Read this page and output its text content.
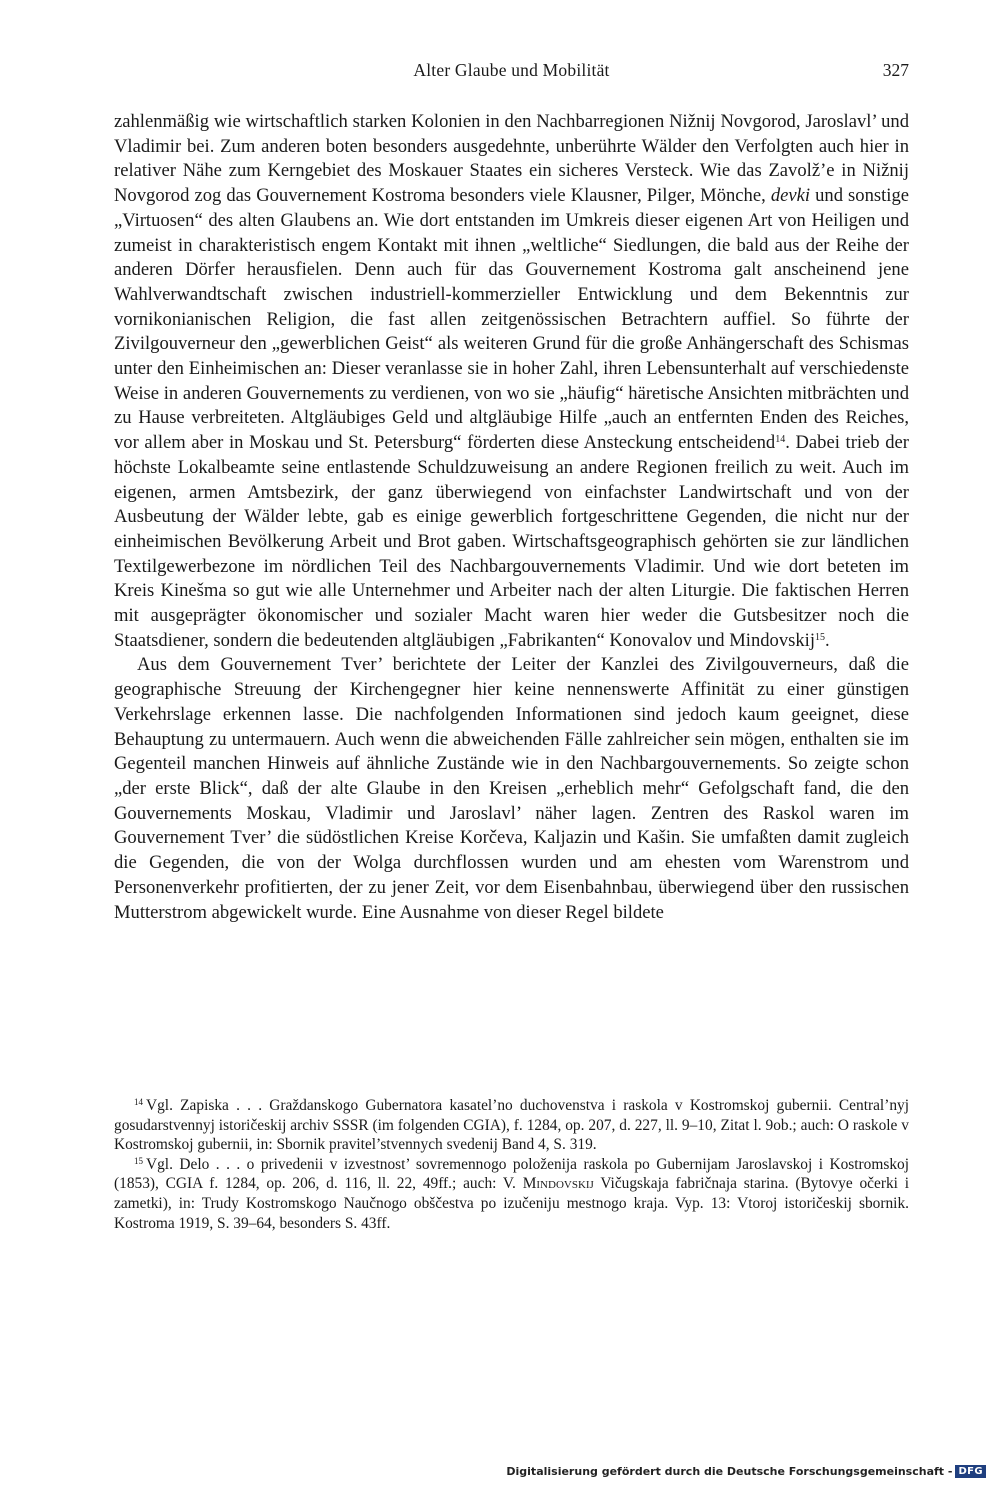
Alter Glaube und Mobilität	327

zahlenmäßig wie wirtschaftlich starken Kolonien in den Nachbarregionen Nižnij Novgorod, Jaroslavl’ und Vladimir bei. Zum anderen boten besonders ausgedehnte, unberührte Wälder den Verfolgten auch hier in relativer Nähe zum Kerngebiet des Moskauer Staates ein sicheres Versteck. Wie das Zavolž’e in Nižnij Novgorod zog das Gouvernement Kostroma besonders viele Klausner, Pilger, Mönche, devki und sonstige „Virtuosen“ des alten Glaubens an. Wie dort entstanden im Umkreis dieser eigenen Art von Heiligen und zumeist in charakteristisch engem Kontakt mit ihnen „weltliche“ Siedlungen, die bald aus der Reihe der anderen Dörfer herausfielen. Denn auch für das Gouvernement Kostroma galt anscheinend jene Wahlverwandtschaft zwischen industriell-kommerzieller Entwicklung und dem Bekenntnis zur vornikonianischen Religion, die fast allen zeitgenössischen Betrachtern auffiel. So führte der Zivilgouverneur den „gewerblichen Geist“ als weiteren Grund für die große Anhängerschaft des Schismas unter den Einheimischen an: Dieser veranlasse sie in hoher Zahl, ihren Lebensunterhalt auf verschiedenste Weise in anderen Gouvernements zu verdienen, von wo sie „häufig“ häretische Ansichten mitbrächten und zu Hause verbreiteten. Altgläubiges Geld und altgläubige Hilfe „auch an entfernten Enden des Reiches, vor allem aber in Moskau und St. Petersburg“ förderten diese Ansteckung entscheidend$^{14}$. Dabei trieb der höchste Lokalbeamte seine entlastende Schuldzuweisung an andere Regionen freilich zu weit. Auch im eigenen, armen Amtsbezirk, der ganz überwiegend von einfachster Landwirtschaft und von der Ausbeutung der Wälder lebte, gab es einige gewerblich fortgeschrittene Gegenden, die nicht nur der einheimischen Bevölkerung Arbeit und Brot gaben. Wirtschaftsgeographisch gehörten sie zur ländlichen Textilgewerbezone im nördlichen Teil des Nachbargouvernements Vladimir. Und wie dort beteten im Kreis Kinešma so gut wie alle Unternehmer und Arbeiter nach der alten Liturgie. Die faktischen Herren mit ausgeprägter ökonomischer und sozialer Macht waren hier weder die Gutsbesitzer noch die Staatsdiener, sondern die bedeutenden altgläubigen „Fabrikanten“ Konovalov und Mindovskij$^{15}$.

Aus dem Gouvernement Tver’ berichtete der Leiter der Kanzlei des Zivilgouverneurs, daß die geographische Streuung der Kirchengegner hier keine nennenswerte Affinität zu einer günstigen Verkehrslage erkennen lasse. Die nachfolgenden Informationen sind jedoch kaum geeignet, diese Behauptung zu untermauern. Auch wenn die abweichenden Fälle zahlreicher sein mögen, enthalten sie im Gegenteil manchen Hinweis auf ähnliche Zustände wie in den Nachbargouvernements. So zeigte schon „der erste Blick“, daß der alte Glaube in den Kreisen „erheblich mehr“ Gefolgschaft fand, die den Gouvernements Moskau, Vladimir und Jaroslavl’ näher lagen. Zentren des Raskol waren im Gouvernement Tver’ die südöstlichen Kreise Korčeva, Kaljazin und Kašin. Sie umfaßten damit zugleich die Gegenden, die von der Wolga durchflossen wurden und am ehesten vom Warenstrom und Personenverkehr profitierten, der zu jener Zeit, vor dem Eisenbahnbau, überwiegend über den russischen Mutterstrom abgewickelt wurde. Eine Ausnahme von dieser Regel bildete

$^{14}$ Vgl. Zapiska . . . Graždanskogo Gubernatora kasatel’no duchovenstva i raskola v Kostromskoj gubernii. Central’nyj gosudarstvennyj istoričeskij archiv SSSR (im folgenden CGIA), f. 1284, op. 207, d. 227, ll. 9–10, Zitat l. 9ob.; auch: O raskole v Kostromskoj gubernii, in: Sbornik pravitel’stvennych svedenij Band 4, S. 319.

$^{15}$ Vgl. Delo . . . o privedenii v izvestnost’ sovremennogo položenija raskola po Gubernijam Jaroslavskoj i Kostromskoj (1853), CGIA f. 1284, op. 206, d. 116, ll. 22, 49ff.; auch: V. Mindovskij Vičugskaja fabričnaja starina. (Bytovye očerki i zametki), in: Trudy Kostromskogo Naučnogo obščestva po izučeniju mestnogo kraja. Vyp. 13: Vtoroj istoričeskij sbornik. Kostroma 1919, S. 39–64, besonders S. 43ff.

Digitalisierung gefördert durch die Deutsche Forschungsgemeinschaft - DFG
